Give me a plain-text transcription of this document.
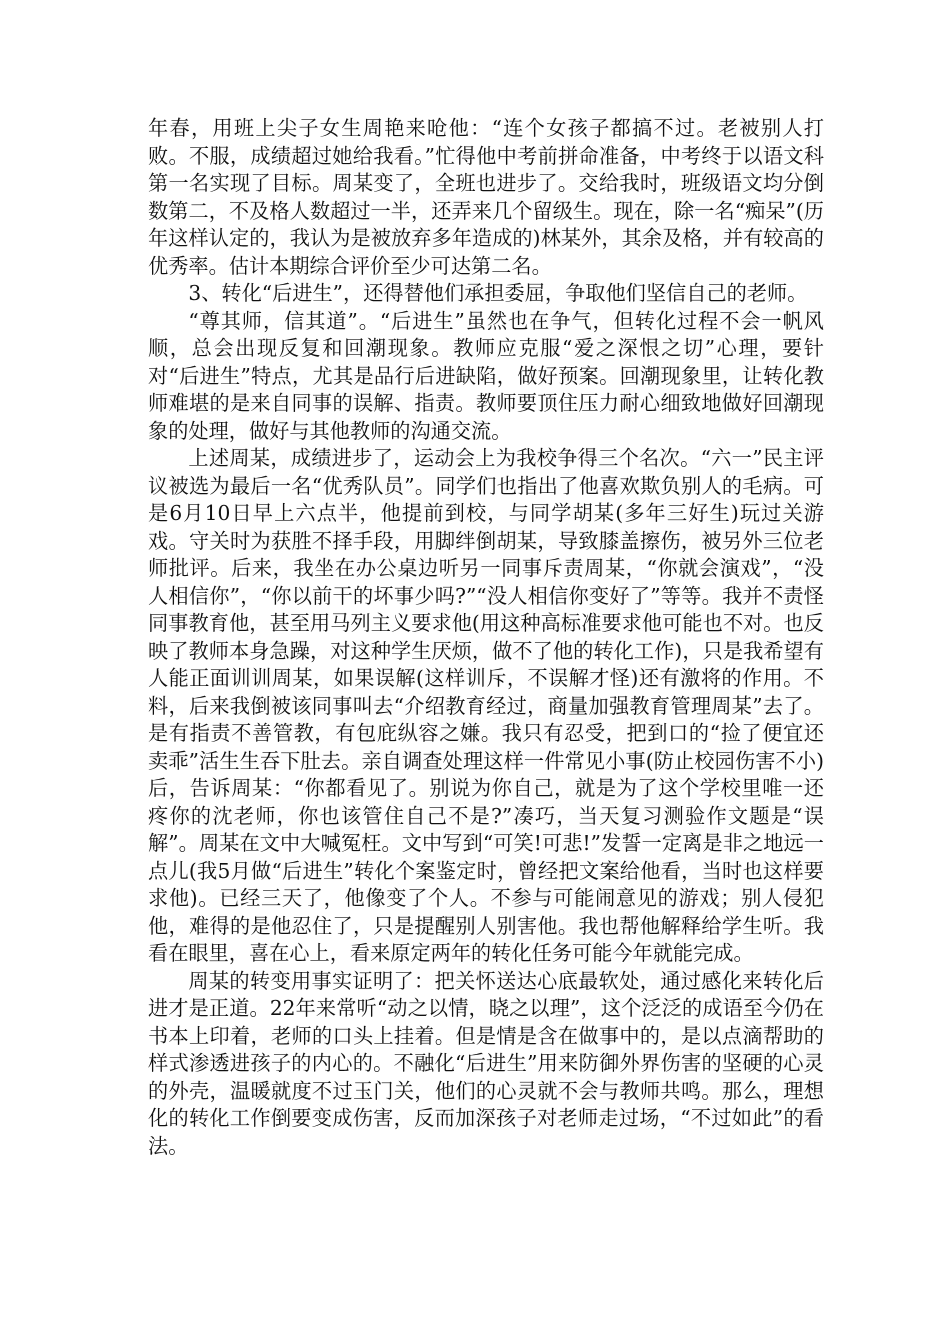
年春，用班上尖子女生周艳来呛他：“连个女孩子都搞不过。老被别人打败。不服，成绩超过她给我看。”忙得他中考前拼命准备，中考终于以语文科第一名实现了目标。周某变了，全班也进步了。交给我时，班级语文均分倒数第二，不及格人数超过一半，还弄来几个留级生。现在，除一名“痴呆”(历年这样认定的，我认为是被放弃多年造成的)林某外，其余及格，并有较高的优秀率。估计本期综合评价至少可达第二名。

3、转化“后进生”，还得替他们承担委屈，争取他们坚信自己的老师。

“尊其师，信其道”。“后进生”虽然也在争气，但转化过程不会一帆风顺，总会出现反复和回潮现象。教师应克服“爱之深恨之切”心理，要针对“后进生”特点，尤其是品行后进缺陷，做好预案。回潮现象里，让转化教师难堪的是来自同事的误解、指责。教师要顶住压力耐心细致地做好回潮现象的处理，做好与其他教师的沟通交流。

上述周某，成绩进步了，运动会上为我校争得三个名次。“六一”民主评议被选为最后一名“优秀队员”。同学们也指出了他喜欢欺负别人的毛病。可是6月10日早上六点半，他提前到校，与同学胡某(多年三好生)玩过关游戏。守关时为获胜不择手段，用脚绊倒胡某，导致膝盖擦伤，被另外三位老师批评。后来，我坐在办公桌边听另一同事斥责周某，“你就会演戏”，“没人相信你”，“你以前干的坏事少吗?”“没人相信你变好了”等等。我并不责怪同事教育他，甚至用马列主义要求他(用这种高标准要求他可能也不对。也反映了教师本身急躁，对这种学生厌烦，做不了他的转化工作)，只是我希望有人能正面训训周某，如果误解(这样训斥，不误解才怪)还有激将的作用。不料，后来我倒被该同事叫去“介绍教育经过，商量加强教育管理周某”去了。是有指责不善管教，有包庇纵容之嫌。我只有忍受，把到口的“捡了便宜还卖乖”活生生吞下肚去。亲自调查处理这样一件常见小事(防止校园伤害不小)后，告诉周某：“你都看见了。别说为你自己，就是为了这个学校里唯一还疼你的沈老师，你也该管住自己不是?”凑巧，当天复习测验作文题是“误解”。周某在文中大喊冤枉。文中写到“可笑!可悲!”发誓一定离是非之地远一点儿(我5月做“后进生”转化个案鉴定时，曾经把文案给他看，当时也这样要求他)。已经三天了，他像变了个人。不参与可能闹意见的游戏；别人侵犯他，难得的是他忍住了，只是提醒别人别害他。我也帮他解释给学生听。我看在眼里，喜在心上，看来原定两年的转化任务可能今年就能完成。

周某的转变用事实证明了：把关怀送达心底最软处，通过感化来转化后进才是正道。22年来常听“动之以情，晓之以理”，这个泛泛的成语至今仍在书本上印着，老师的口头上挂着。但是情是含在做事中的，是以点滴帮助的样式渗透进孩子的内心的。不融化“后进生”用来防御外界伤害的坚硬的心灵的外壳，温暖就度不过玉门关，他们的心灵就不会与教师共鸣。那么，理想化的转化工作倒要变成伤害，反而加深孩子对老师走过场，“不过如此”的看法。
